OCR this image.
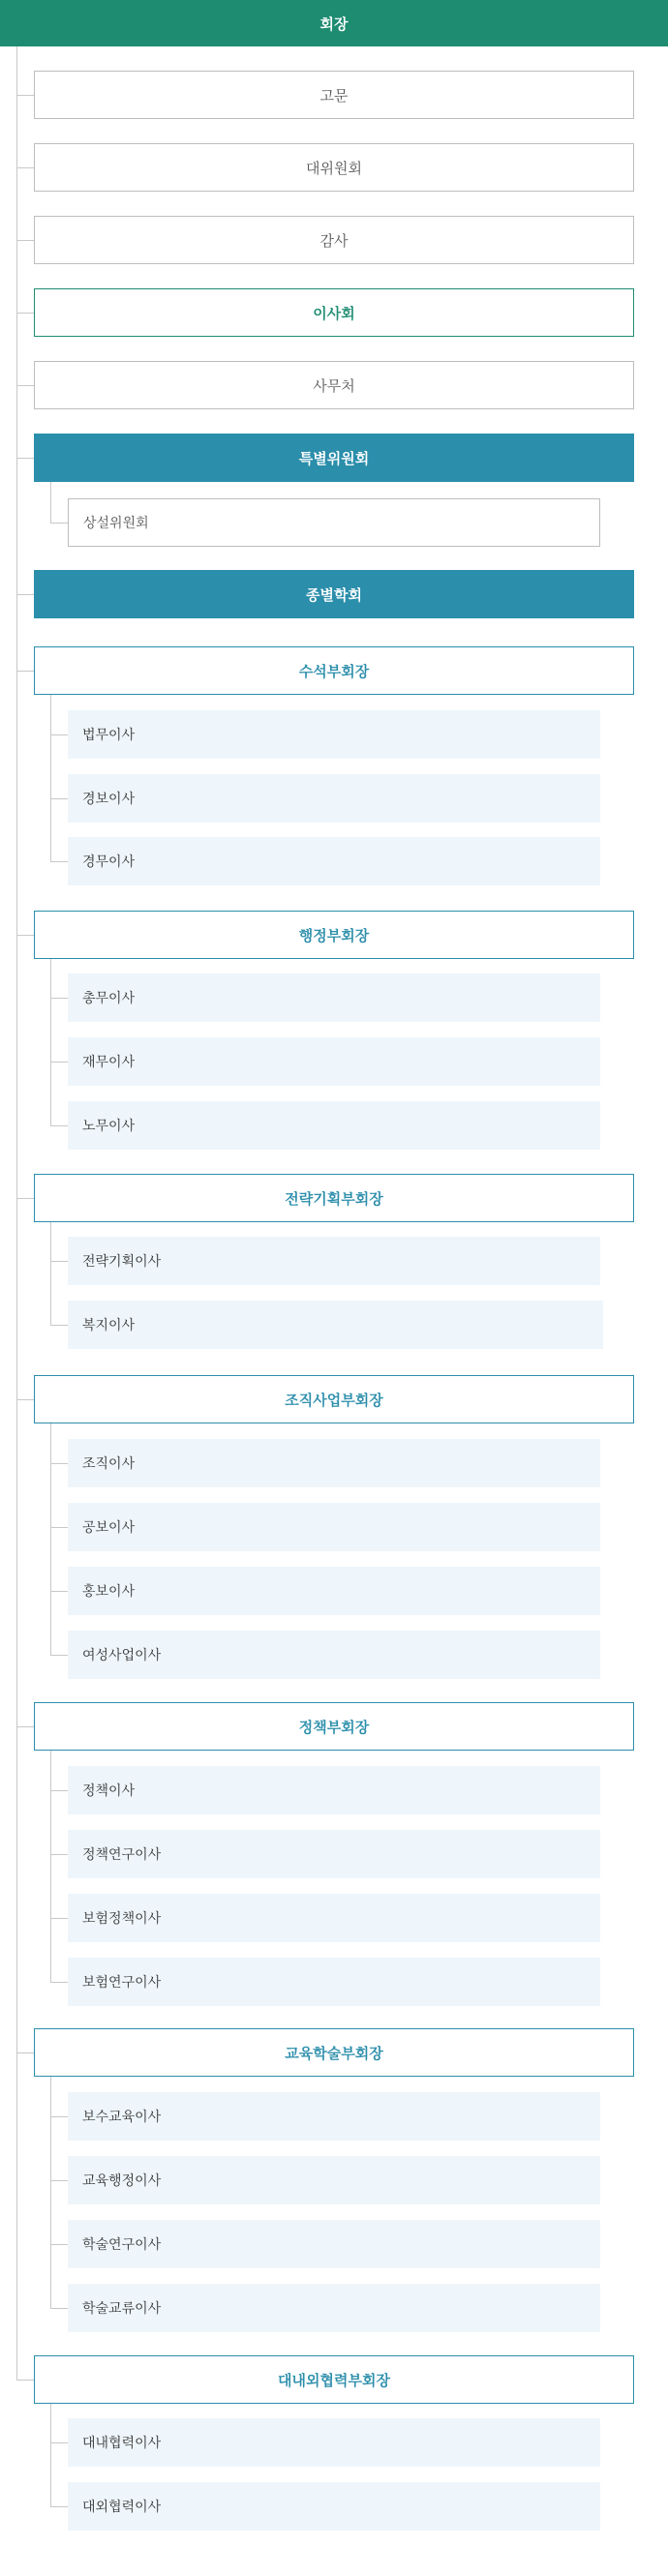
회장
고문
대위원회
감사
이사회
사무처
특별위원회
상설위원회
종별학회
수석부회장
법무이사
경보이사
경무이사
행정부회장
총무이사
재무이사
노무이사
전략기획부회장
전략기획이사
복지이사
조직사업부회장
조직이사
공보이사
홍보이사
여성사업이사
정책부회장
정책이사
정책연구이사
보험정책이사
보험연구이사
교육학술부회장
보수교육이사
교육행정이사
학술연구이사
학술교류이사
대내외협력부회장
대내협력이사
대외협력이사
